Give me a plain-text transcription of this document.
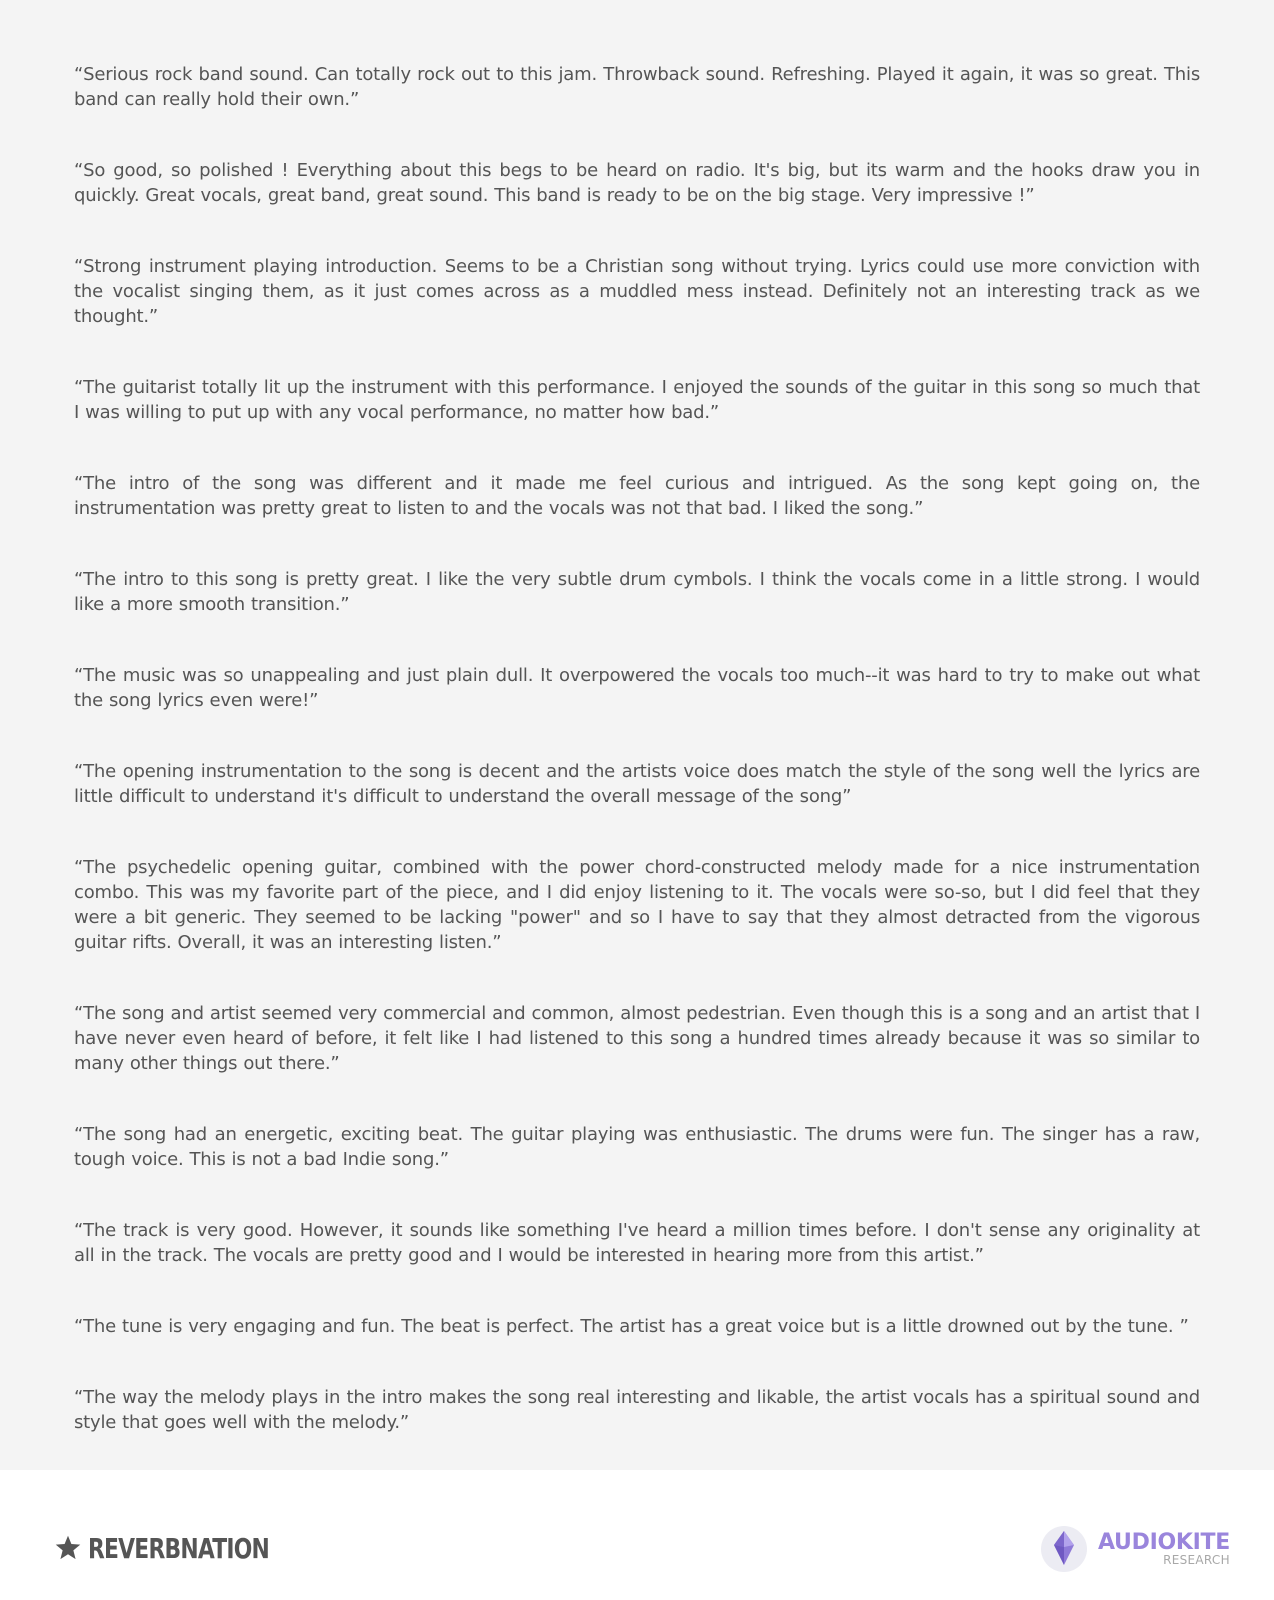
“Serious rock band sound. Can totally rock out to this jam. Throwback sound. Refreshing. Played it again, it was so great. This band can really hold their own.”

“So good, so polished ! Everything about this begs to be heard on radio. It's big, but its warm and the hooks draw you in quickly. Great vocals, great band, great sound. This band is ready to be on the big stage. Very impressive !”

“Strong instrument playing introduction. Seems to be a Christian song without trying. Lyrics could use more conviction with the vocalist singing them, as it just comes across as a muddled mess instead. Definitely not an interesting track as we thought.”

“The guitarist totally lit up the instrument with this performance. I enjoyed the sounds of the guitar in this song so much that I was willing to put up with any vocal performance, no matter how bad.”

“The intro of the song was different and it made me feel curious and intrigued. As the song kept going on, the instrumentation was pretty great to listen to and the vocals was not that bad. I liked the song.”

“The intro to this song is pretty great. I like the very subtle drum cymbols. I think the vocals come in a little strong. I would like a more smooth transition.”

“The music was so unappealing and just plain dull. It overpowered the vocals too much--it was hard to try to make out what the song lyrics even were!”

“The opening instrumentation to the song is decent and the artists voice does match the style of the song well the lyrics are little difficult to understand it's difficult to understand the overall message of the song”

“The psychedelic opening guitar, combined with the power chord-constructed melody made for a nice instrumentation combo. This was my favorite part of the piece, and I did enjoy listening to it. The vocals were so-so, but I did feel that they were a bit generic. They seemed to be lacking "power" and so I have to say that they almost detracted from the vigorous guitar rifts. Overall, it was an interesting listen.”

“The song and artist seemed very commercial and common, almost pedestrian. Even though this is a song and an artist that I have never even heard of before, it felt like I had listened to this song a hundred times already because it was so similar to many other things out there.”

“The song had an energetic, exciting beat. The guitar playing was enthusiastic. The drums were fun. The singer has a raw, tough voice. This is not a bad Indie song.”

“The track is very good. However, it sounds like something I've heard a million times before. I don't sense any originality at all in the track. The vocals are pretty good and I would be interested in hearing more from this artist.”

“The tune is very engaging and fun. The beat is perfect. The artist has a great voice but is a little drowned out by the tune. ”

“The way the melody plays in the intro makes the song real interesting and likable, the artist vocals has a spiritual sound and style that goes well with the melody.”

REVERBNATION	AUDIOKITE
RESEARCH
